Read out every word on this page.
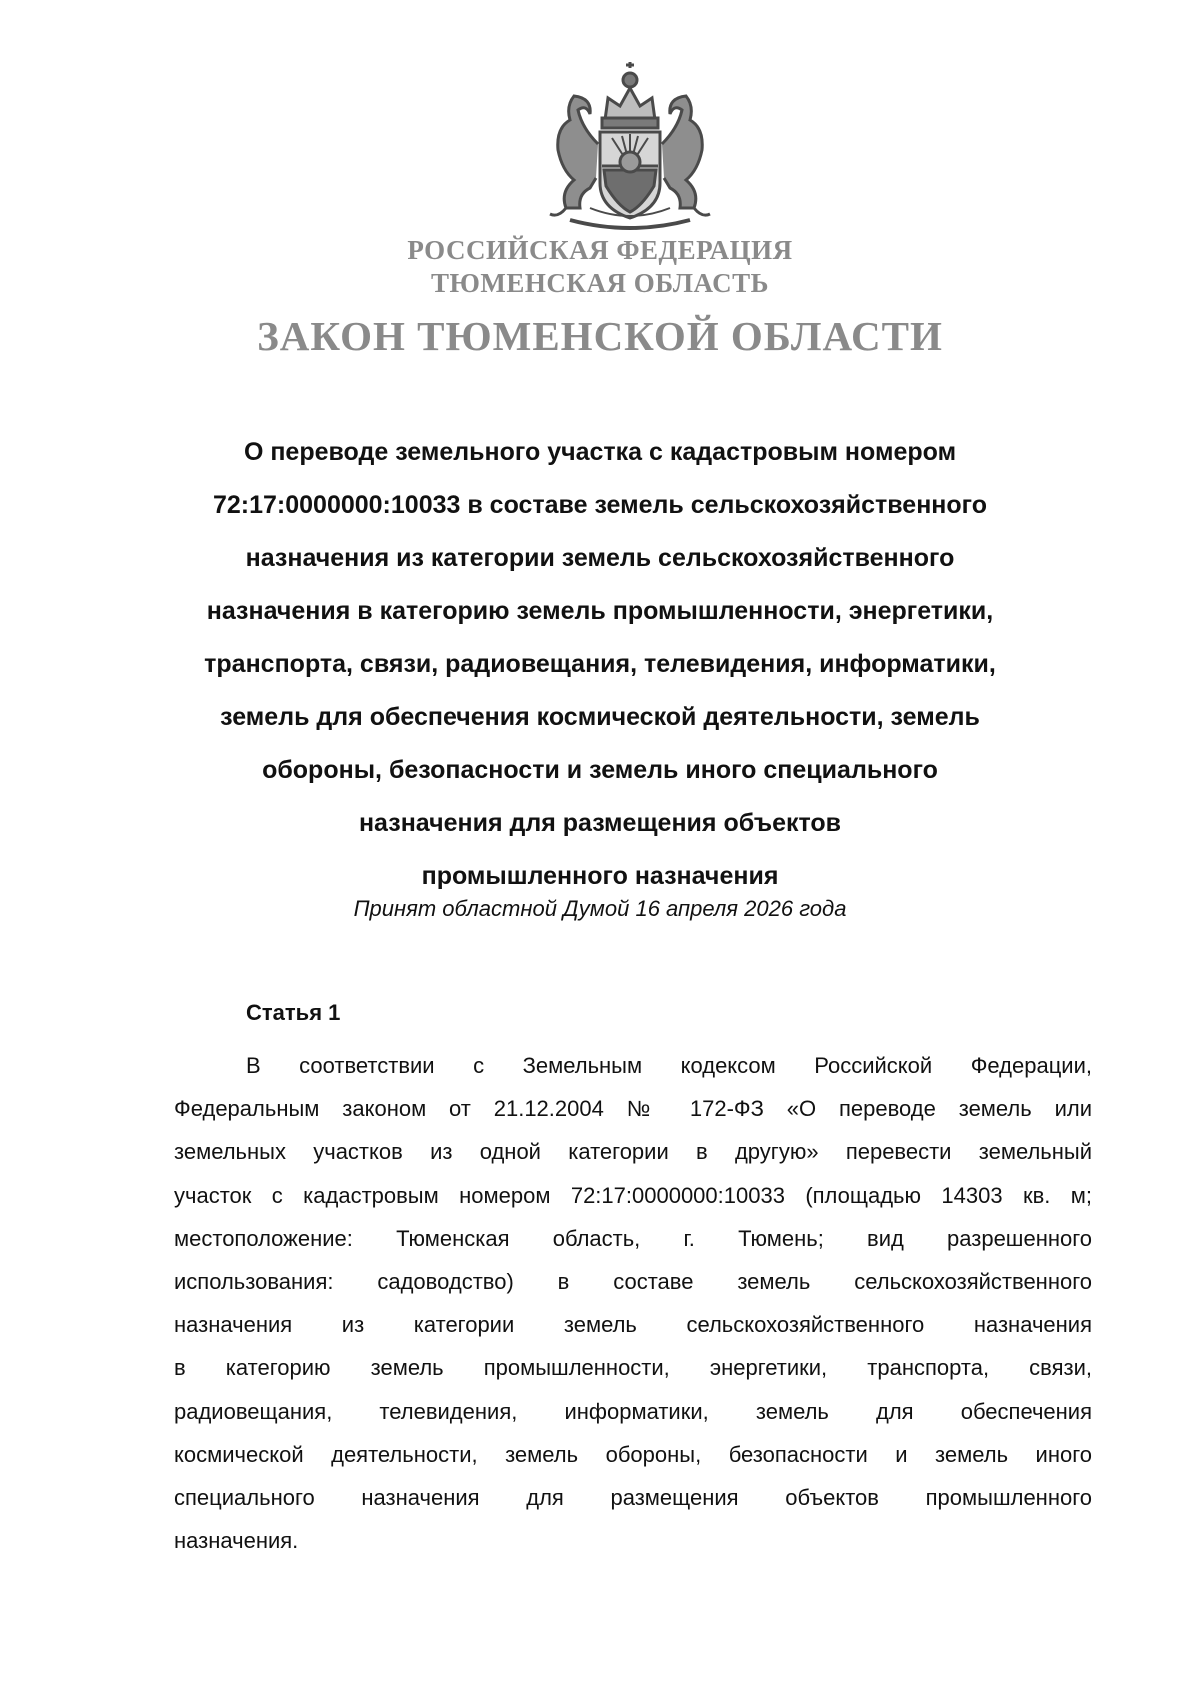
РОССИЙСКАЯ ФЕДЕРАЦИЯ
ТЮМЕНСКАЯ ОБЛАСТЬ
ЗАКОН ТЮМЕНСКОЙ ОБЛАСТИ
О переводе земельного участка с кадастровым номером
72:17:0000000:10033 в составе земель сельскохозяйственного
назначения из категории земель сельскохозяйственного
назначения в категорию земель промышленности, энергетики,
транспорта, связи, радиовещания, телевидения, информатики,
земель для обеспечения космической деятельности, земель
обороны, безопасности и земель иного специального
назначения для размещения объектов
промышленного назначения
Принят областной Думой 16 апреля 2026 года
Статья 1
В соответствии с Земельным кодексом Российской Федерации,
Федеральным законом от 21.12.2004 № 172-ФЗ «О переводе земель или
земельных участков из одной категории в другую» перевести земельный
участок с кадастровым номером 72:17:0000000:10033 (площадью 14303 кв. м;
местоположение: Тюменская область, г. Тюмень; вид разрешенного
использования: садоводство) в составе земель сельскохозяйственного
назначения из категории земель сельскохозяйственного назначения
в категорию земель промышленности, энергетики, транспорта, связи,
радиовещания, телевидения, информатики, земель для обеспечения
космической деятельности, земель обороны, безопасности и земель иного
специального назначения для размещения объектов промышленного
назначения.
